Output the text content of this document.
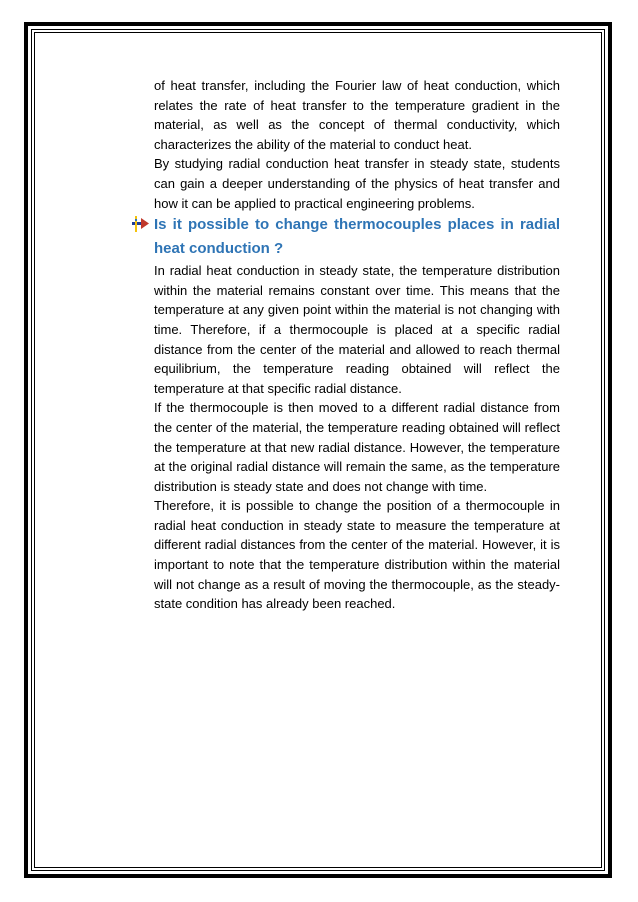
of heat transfer, including the Fourier law of heat conduction, which relates the rate of heat transfer to the temperature gradient in the material, as well as the concept of thermal conductivity, which characterizes the ability of the material to conduct heat.

By studying radial conduction heat transfer in steady state, students can gain a deeper understanding of the physics of heat transfer and how it can be applied to practical engineering problems.

Is it possible to change thermocouples places in radial heat conduction ?

In radial heat conduction in steady state, the temperature distribution within the material remains constant over time. This means that the temperature at any given point within the material is not changing with time. Therefore, if a thermocouple is placed at a specific radial distance from the center of the material and allowed to reach thermal equilibrium, the temperature reading obtained will reflect the temperature at that specific radial distance.

If the thermocouple is then moved to a different radial distance from the center of the material, the temperature reading obtained will reflect the temperature at that new radial distance. However, the temperature at the original radial distance will remain the same, as the temperature distribution is steady state and does not change with time.

Therefore, it is possible to change the position of a thermocouple in radial heat conduction in steady state to measure the temperature at different radial distances from the center of the material. However, it is important to note that the temperature distribution within the material will not change as a result of moving the thermocouple, as the steady-state condition has already been reached.
